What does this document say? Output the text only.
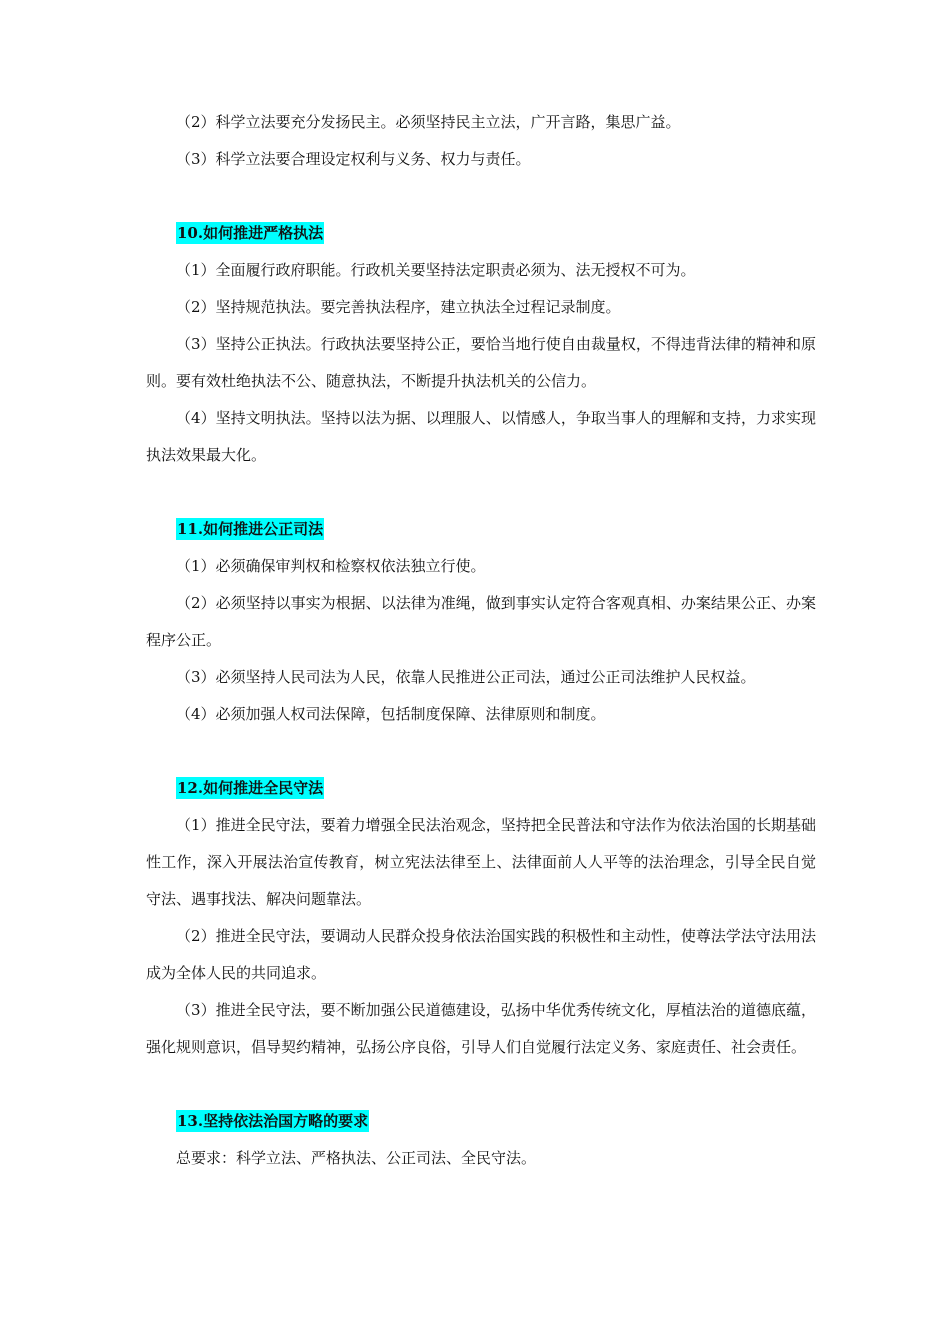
（2）科学立法要充分发扬民主。必须坚持民主立法，广开言路，集思广益。

（3）科学立法要合理设定权利与义务、权力与责任。

10.如何推进严格执法

（1）全面履行政府职能。行政机关要坚持法定职责必须为、法无授权不可为。

（2）坚持规范执法。要完善执法程序，建立执法全过程记录制度。

（3）坚持公正执法。行政执法要坚持公正，要恰当地行使自由裁量权，不得违背法律的精神和原则。要有效杜绝执法不公、随意执法，不断提升执法机关的公信力。

（4）坚持文明执法。坚持以法为据、以理服人、以情感人，争取当事人的理解和支持，力求实现执法效果最大化。

11.如何推进公正司法

（1）必须确保审判权和检察权依法独立行使。

（2）必须坚持以事实为根据、以法律为准绳，做到事实认定符合客观真相、办案结果公正、办案程序公正。

（3）必须坚持人民司法为人民，依靠人民推进公正司法，通过公正司法维护人民权益。

（4）必须加强人权司法保障，包括制度保障、法律原则和制度。

12.如何推进全民守法

（1）推进全民守法，要着力增强全民法治观念，坚持把全民普法和守法作为依法治国的长期基础性工作，深入开展法治宣传教育，树立宪法法律至上、法律面前人人平等的法治理念，引导全民自觉守法、遇事找法、解决问题靠法。

（2）推进全民守法，要调动人民群众投身依法治国实践的积极性和主动性，使尊法学法守法用法成为全体人民的共同追求。

（3）推进全民守法，要不断加强公民道德建设，弘扬中华优秀传统文化，厚植法治的道德底蕴，强化规则意识，倡导契约精神，弘扬公序良俗，引导人们自觉履行法定义务、家庭责任、社会责任。

13.坚持依法治国方略的要求

总要求：科学立法、严格执法、公正司法、全民守法。
